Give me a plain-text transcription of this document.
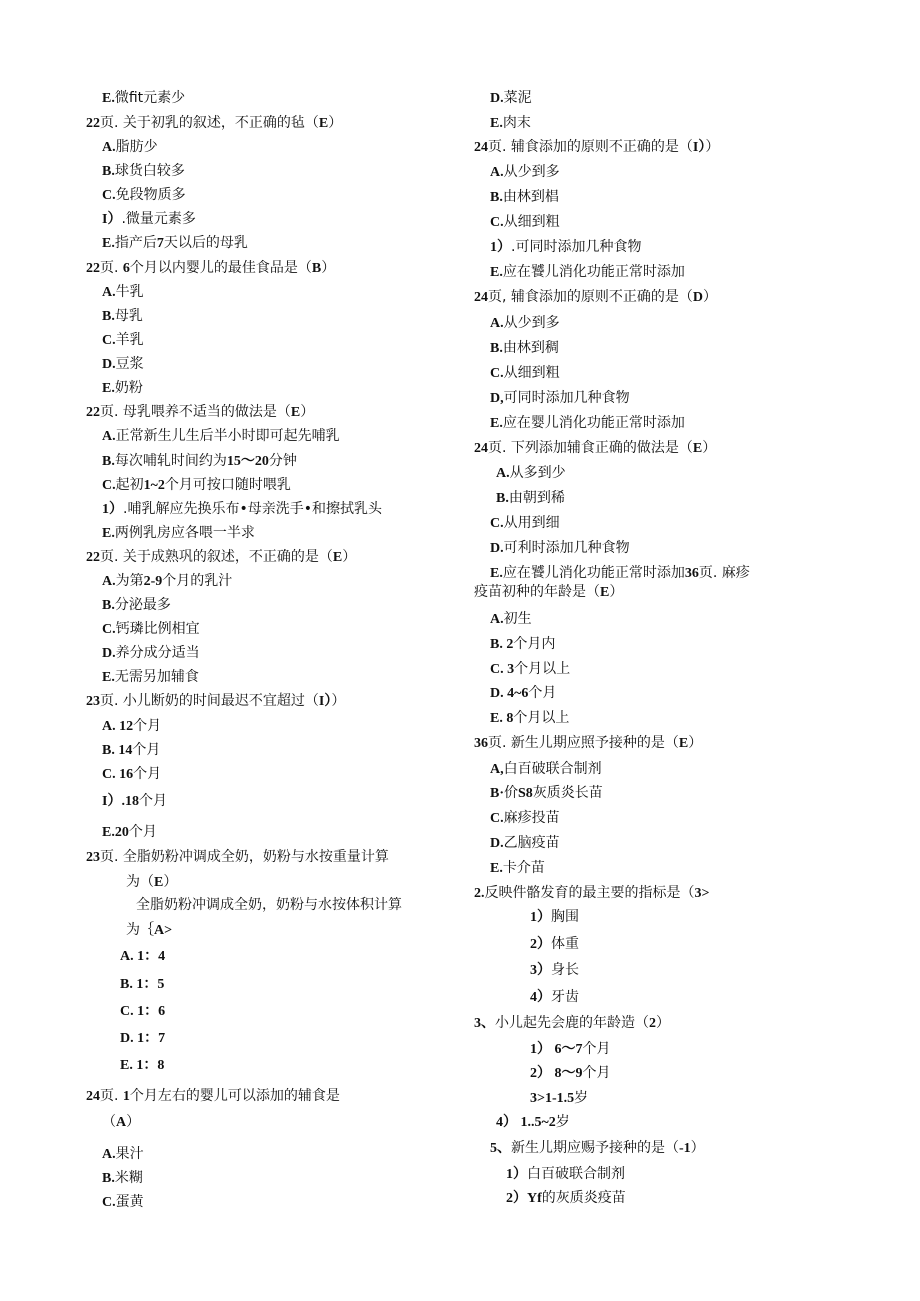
E.微fit元素少
22页. 关于初乳的叙述，不正确的毡（E）
A.脂肪少
B.球货白较多
C.免段物质多
I）.微量元素多
E.指产后7天以后的母乳
22页. 6个月以内婴儿的最佳食品是（B）
A.牛乳
B.母乳
C.羊乳
D.豆浆
E.奶粉
22页. 母乳喂养不适当的做法是（E）
A.正常新生儿生后半小时即可起先哺乳
B.每次哺轧时间约为15〜20分钟
C.起初1~2个月可按口随时喂乳
1）.哺乳解应先换乐布•母亲洗手•和擦拭乳头
E.两例乳房应各喂一半求
22页. 关于成熟巩的叙述，不正确的是（E）
A.为第2-9个月的乳汁
B.分泌最多
C.钙璘比例相宜
D.养分成分适当
E.无需另加辅食
23页. 小儿断奶的时间最迟不宜超过（I））
A. 12个月
B. 14个月
C. 16个月
I）.18个月
E.20个月
23页. 全脂奶粉冲调成全奶，奶粉与水按重量计算
为（E）
全脂奶粉冲调成全奶，奶粉与水按体积计算
为｛A>
A. 1：4
B. 1：5
C. 1：6
D. 1：7
E. 1：8
24页. 1个月左右的婴儿可以添加的辅食是
（A）
A.果汁
B.米糊
C.蛋黄
D.菜泥
E.肉末
24页. 辅食添加的原则不正确的是（I））
A.从少到多
B.由林到椙
C.从细到粗
1）.可同时添加几种食物
E.应在饕儿消化功能正常时添加
24页, 辅食添加的原则不正确的是（D）
A.从少到多
B.由林到稠
C.从细到粗
D,可同时添加几种食物
E.应在婴儿消化功能正常时添加
24页. 下列添加辅食正确的做法是（E）
A.从多到少
B.由朝到稀
C.从用到细
D.可利时添加几种食物
E.应在饕儿消化功能正常时添加36页. 麻疹
疫苗初种的年龄是（E）
A.初生
B. 2个月内
C. 3个月以上
D. 4~6个月
E. 8个月以上
36页. 新生儿期应照予接种的是（E）
A,白百破联合制剂
B·价S8灰质炎长苗
C.麻疹投苗
D.乙脑疫苗
E.卡介苗
2.反映件骼发育的最主要的指标是（3>
1）胸围
2）体重
3）身长
4）牙齿
3、小儿起先会鹿的年龄造（2）
1） 6〜7个月
2） 8〜9个月
3>1-1.5岁
4） 1..5~2岁
5、新生儿期应赐予接种的是（-1）
1）白百破联合制剂
2）Yf的灰质炎疫苗
